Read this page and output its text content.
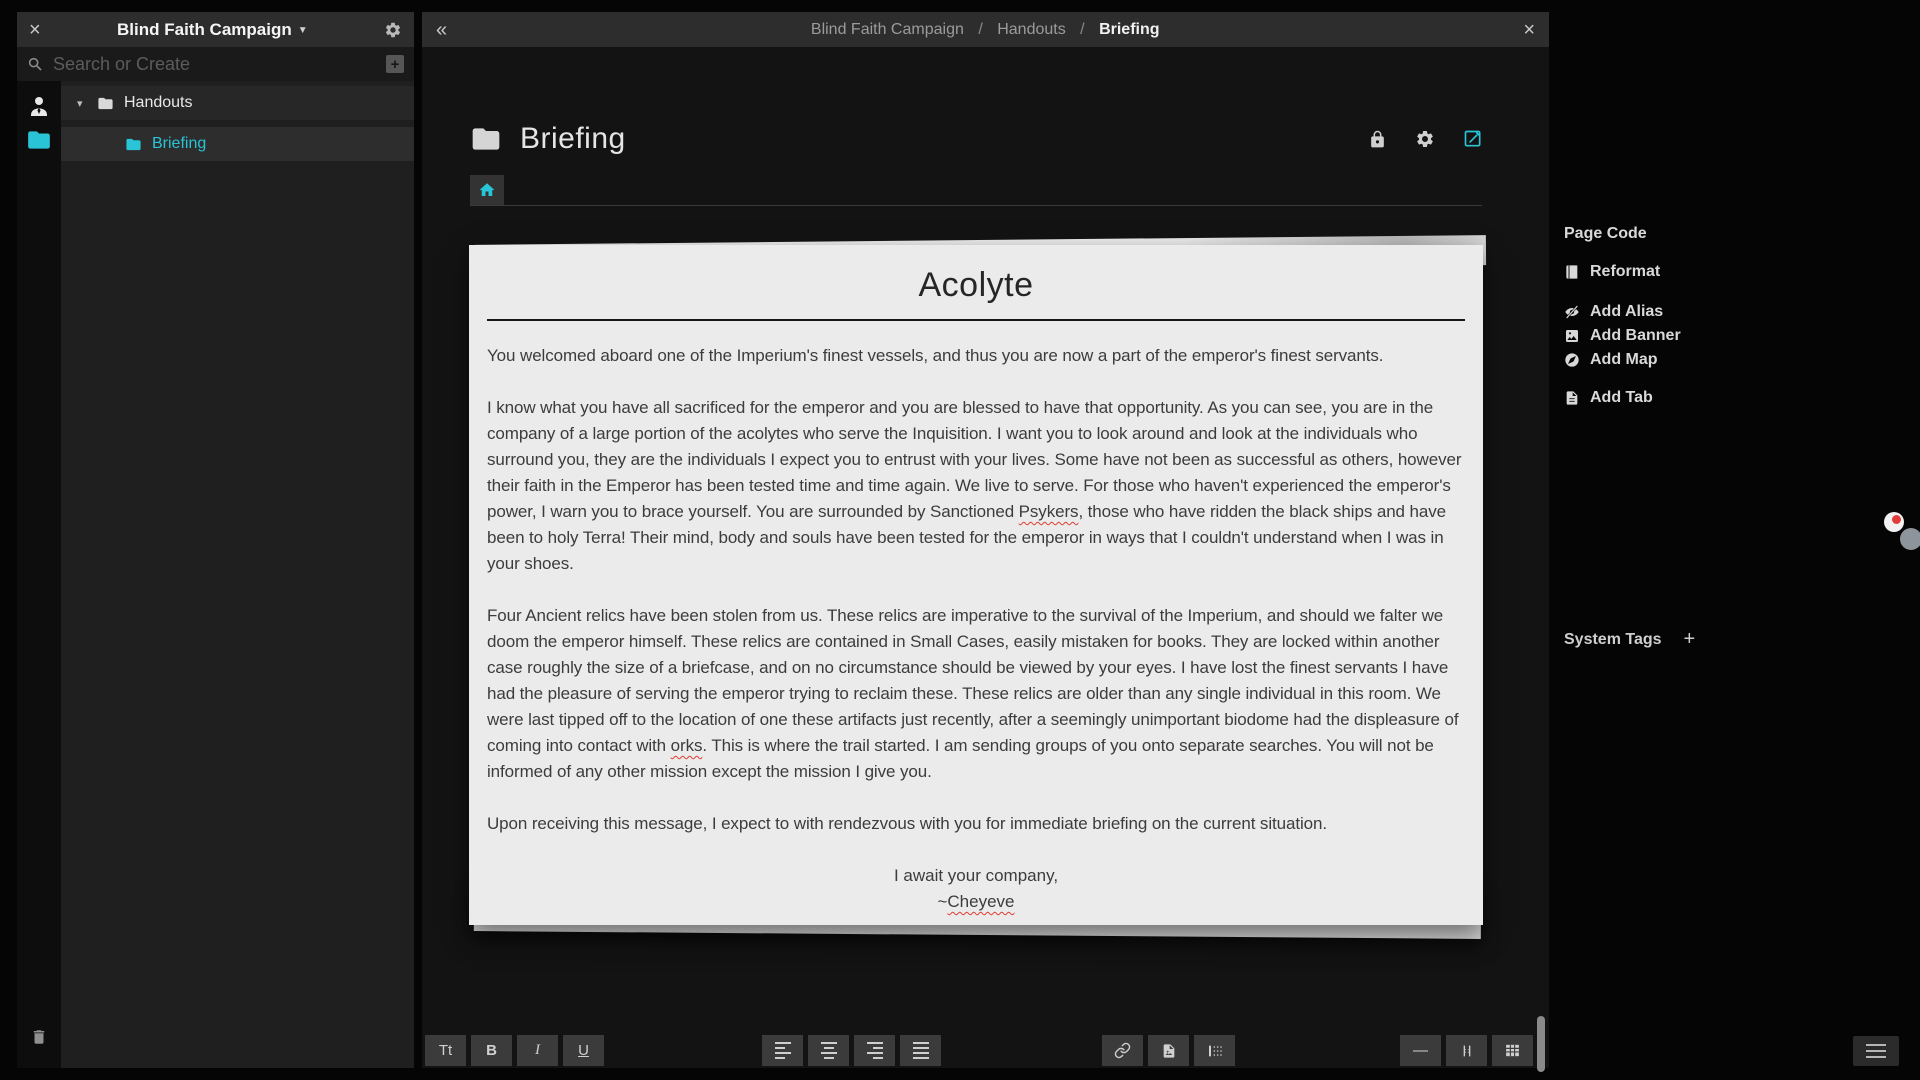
×	Blind Faith Campaign ▼	«	Blind Faith Campaign / Handouts / Briefing	×
Search or Create
+
▾	Handouts
Briefing	Briefing
Acolyte

You welcomed aboard one of the Imperium's finest vessels, and thus you are now a part of the emperor's finest servants.

I know what you have all sacrificed for the emperor and you are blessed to have that opportunity. As you can see, you are in the company of a large portion of the acolytes who serve the Inquisition. I want you to look around and look at the individuals who surround you, they are the individuals I expect you to entrust with your lives. Some have not been as successful as others, however their faith in the Emperor has been tested time and time again. We live to serve. For those who haven't experienced the emperor's power, I warn you to brace yourself. You are surrounded by Sanctioned Psykers, those who have ridden the black ships and have been to holy Terra! Their mind, body and souls have been tested for the emperor in ways that I couldn't understand when I was in your shoes.

Four Ancient relics have been stolen from us. These relics are imperative to the survival of the Imperium, and should we falter we doom the emperor himself. These relics are contained in Small Cases, easily mistaken for books. They are locked within another case roughly the size of a briefcase, and on no circumstance should be viewed by your eyes. I have lost the finest servants I have had the pleasure of serving the emperor trying to reclaim these. These relics are older than any single individual in this room. We were last tipped off to the location of one these artifacts just recently, after a seemingly unimportant biodome had the displeasure of coming into contact with orks. This is where the trail started. I am sending groups of you onto separate searches. You will not be informed of any other mission except the mission I give you.

Upon receiving this message, I expect to with rendezvous with you for immediate briefing on the current situation.

I await your company,

~Cheyeve

Tt	B	I	U	—
Page Code
Reformat
Add Alias
Add Banner
Add Map
Add Tab
System Tags +
